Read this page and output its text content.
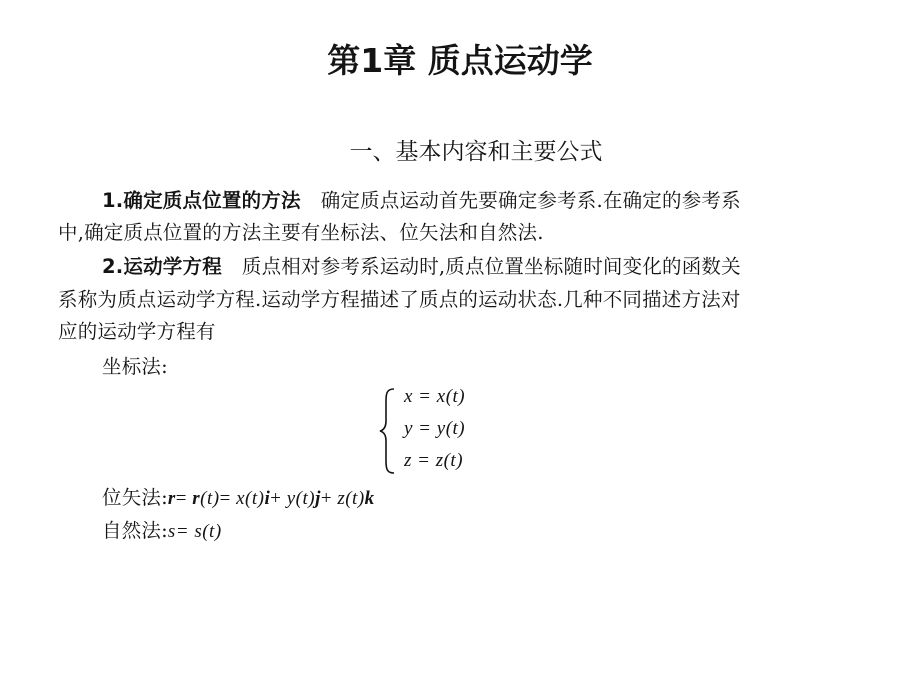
第1章 质点运动学
一、基本内容和主要公式
1.确定质点位置的方法 确定质点运动首先要确定参考系.在确定的参考系
中,确定质点位置的方法主要有坐标法、位矢法和自然法.
2.运动学方程 质点相对参考系运动时,质点位置坐标随时间变化的函数关
系称为质点运动学方程.运动学方程描述了质点的运动状态.几种不同描述方法对
应的运动学方程有
坐标法:
x = x(t)
y = y(t)
z = z(t)
位矢法:r= r(t)= x(t)i+ y(t)j+ z(t)k
自然法:s= s(t)
